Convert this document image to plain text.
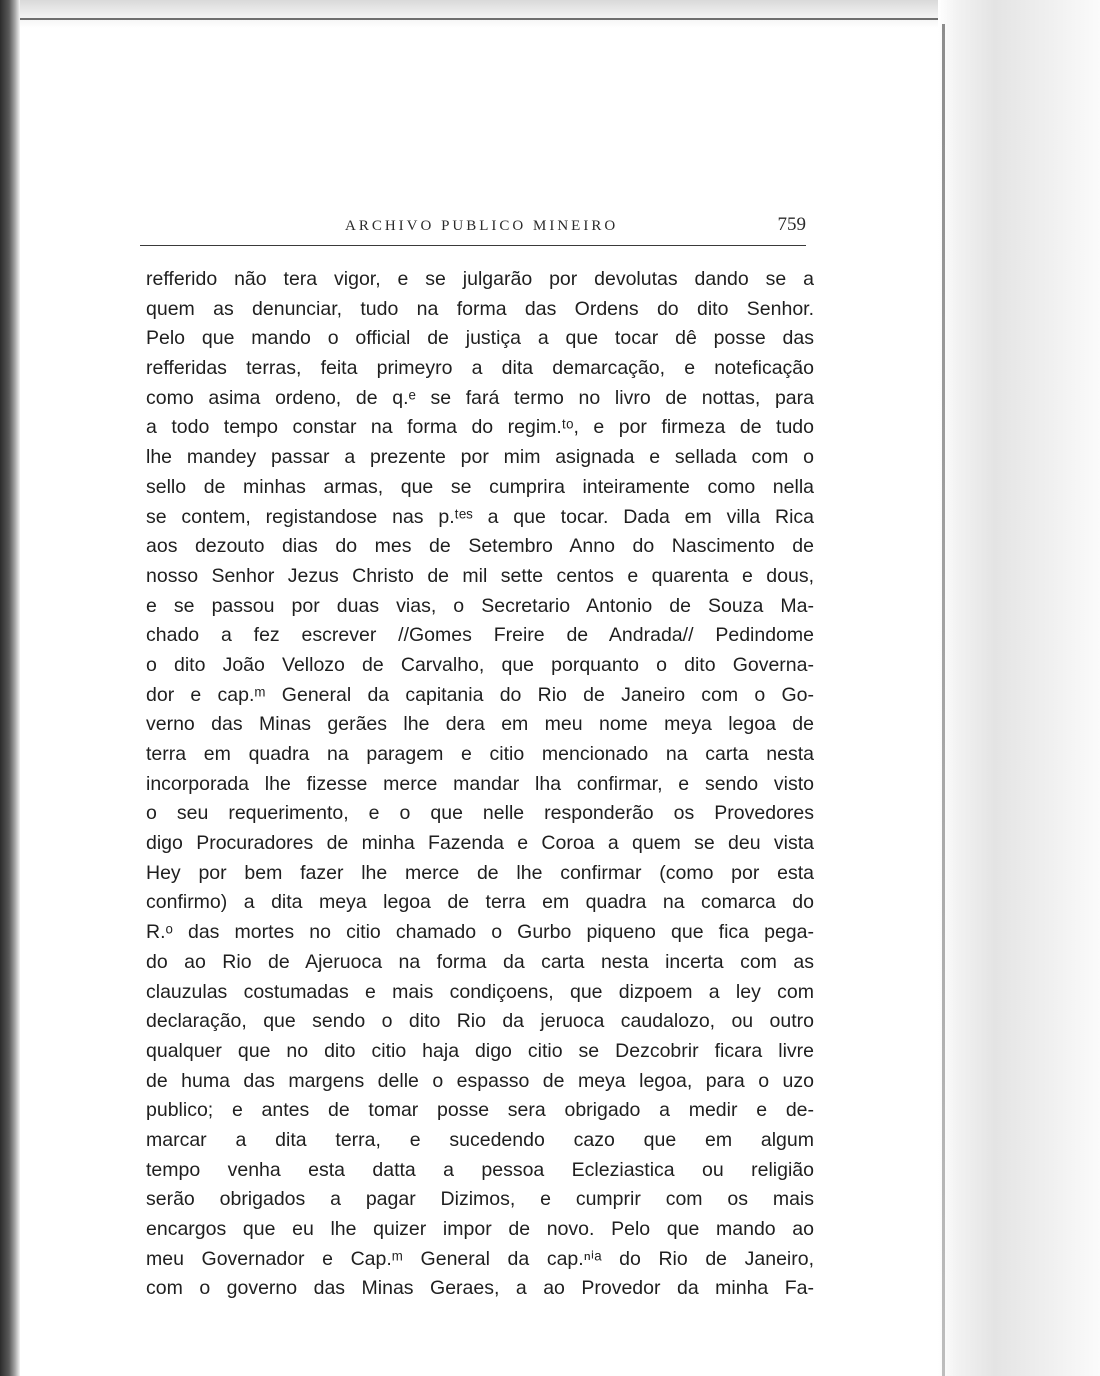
ARCHIVO PUBLICO MINEIRO	759
refferido não tera vigor, e se julgarão por devolutas dando se a
quem as denunciar, tudo na forma das Ordens do dito Senhor.
Pelo que mando o official de justiça a que tocar dê posse das
refferidas terras, feita primeyro a dita demarcação, e noteficação
como asima ordeno, de q.ᵉ se fará termo no livro de nottas, para
a todo tempo constar na forma do regim.ᵗᵒ, e por firmeza de tudo
lhe mandey passar a prezente por mim asignada e sellada com o
sello de minhas armas, que se cumprira inteiramente como nella
se contem, registandose nas p.ᵗᵉˢ a que tocar. Dada em villa Rica
aos dezouto dias do mes de Setembro Anno do Nascimento de
nosso Senhor Jezus Christo de mil sette centos e quarenta e dous,
e se passou por duas vias, o Secretario Antonio de Souza Ma-
chado a fez escrever //Gomes Freire de Andrada// Pedindome
o dito João Vellozo de Carvalho, que porquanto o dito Governa-
dor e cap.ᵐ General da capitania do Rio de Janeiro com o Go-
verno das Minas gerães lhe dera em meu nome meya legoa de
terra em quadra na paragem e citio mencionado na carta nesta
incorporada lhe fizesse merce mandar lha confirmar, e sendo visto
o seu requerimento, e o que nelle responderão os Provedores
digo Procuradores de minha Fazenda e Coroa a quem se deu vista
Hey por bem fazer lhe merce de lhe confirmar (como por esta
confirmo) a dita meya legoa de terra em quadra na comarca do
R.ᵒ das mortes no citio chamado o Gurbo piqueno que fica pega-
do ao Rio de Ajeruoca na forma da carta nesta incerta com as
clauzulas costumadas e mais condiçoens, que dizpoem a ley com
declaração, que sendo o dito Rio da jeruoca caudalozo, ou outro
qualquer que no dito citio haja digo citio se Dezcobrir ficara livre
de huma das margens delle o espasso de meya legoa, para o uzo
publico; e antes de tomar posse sera obrigado a medir e de-
marcar a dita terra, e sucedendo cazo que em algum
tempo venha esta datta a pessoa Ecleziastica ou religião
serão obrigados a pagar Dizimos, e cumprir com os mais
encargos que eu lhe quizer impor de novo. Pelo que mando ao
meu Governador e Cap.ᵐ General da cap.ⁿⁱᵃ do Rio de Janeiro,
com o governo das Minas Geraes, a ao Provedor da minha Fa-
